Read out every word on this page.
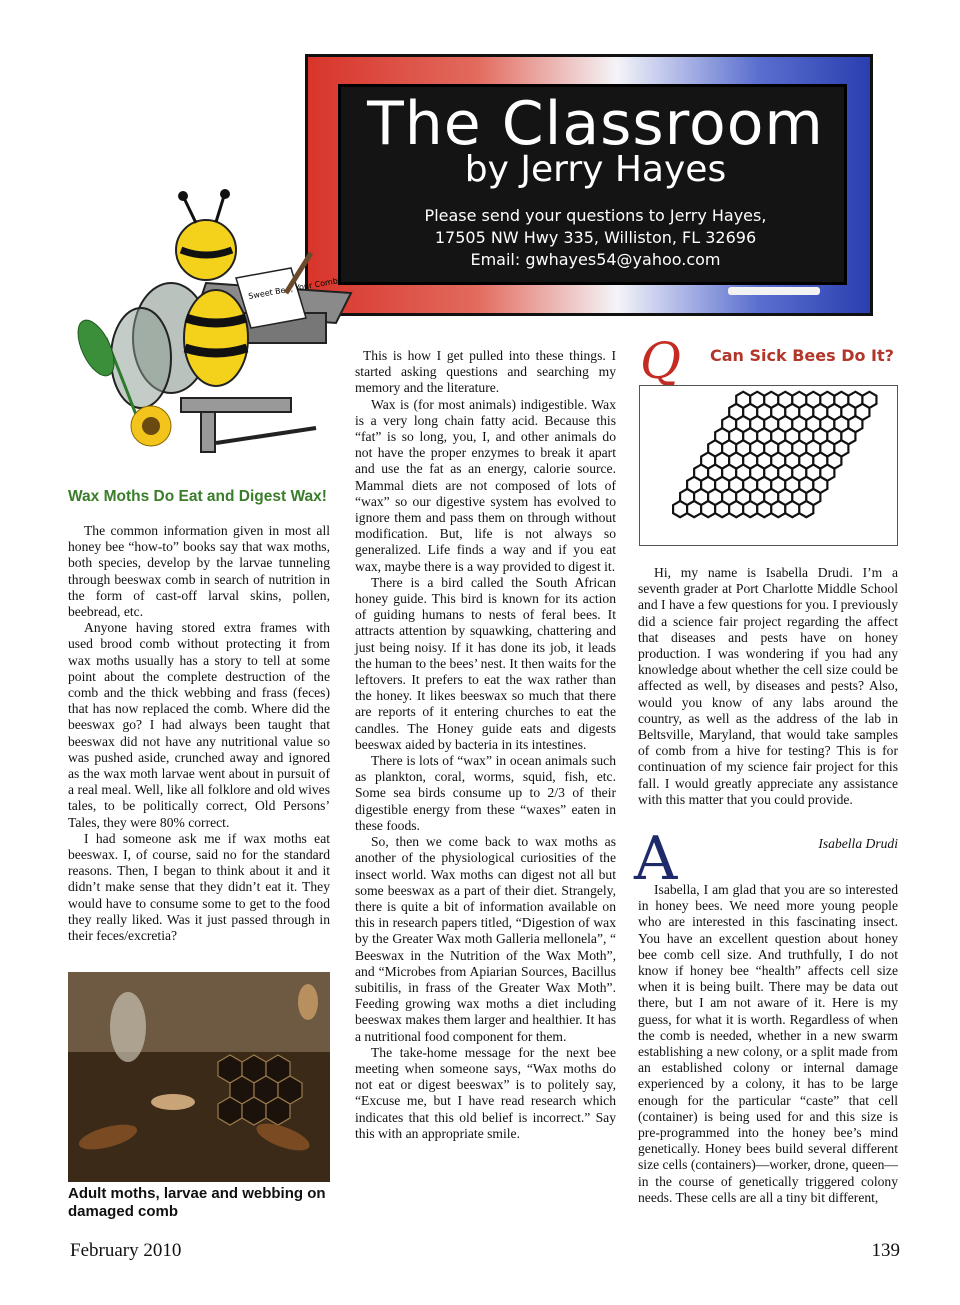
The Classroom
by Jerry Hayes
Please send your questions to Jerry Hayes,
17505 NW Hwy 335, Williston, FL 32696
Email: gwhayes54@yahoo.com
Sweet Bee, Your Comb?
Wax Moths Do Eat and Digest Wax!

The common information given in most all honey bee “how-to” books say that wax moths, both species, develop by the larvae tunneling through beeswax comb in search of nutrition in the form of cast-off larval skins, pollen, beebread, etc.

Anyone having stored extra frames with used brood comb without protecting it from wax moths usually has a story to tell at some point about the complete destruction of the comb and the thick webbing and frass (feces) that has now replaced the comb. Where did the beeswax go? I had always been taught that beeswax did not have any nutritional value so was pushed aside, crunched away and ignored as the wax moth larvae went about in pursuit of a real meal. Well, like all folklore and old wives tales, to be politically correct, Old Persons’ Tales, they were 80% correct.

I had someone ask me if wax moths eat beeswax. I, of course, said no for the standard reasons. Then, I began to think about it and it didn’t make sense that they didn’t eat it. They would have to consume some to get to the food they really liked. Was it just passed through in their feces/excretia?

Adult moths, larvae and webbing on damaged comb

This is how I get pulled into these things. I started asking questions and searching my memory and the literature.

Wax is (for most animals) indigestible. Wax is a very long chain fatty acid. Because this “fat” is so long, you, I, and other animals do not have the proper enzymes to break it apart and use the fat as an energy, calorie source. Mammal diets are not composed of lots of “wax” so our digestive system has evolved to ignore them and pass them on through without modification. But, life is not always so generalized. Life finds a way and if you eat wax, maybe there is a way provided to digest it.

There is a bird called the South African honey guide. This bird is known for its action of guiding humans to nests of feral bees. It attracts attention by squawking, chattering and just being noisy. If it has done its job, it leads the human to the bees’ nest. It then waits for the leftovers. It prefers to eat the wax rather than the honey. It likes beeswax so much that there are reports of it entering churches to eat the candles. The Honey guide eats and digests beeswax aided by bacteria in its intestines.

There is lots of “wax” in ocean animals such as plankton, coral, worms, squid, fish, etc. Some sea birds consume up to 2/3 of their digestible energy from these “waxes” eaten in these foods.

So, then we come back to wax moths as another of the physiological curiosities of the insect world. Wax moths can digest not all but some beeswax as a part of their diet. Strangely, there is quite a bit of information available on this in research papers titled, “Digestion of wax by the Greater Wax moth Galleria mellonela”, “ Beeswax in the Nutrition of the Wax Moth”, and “Microbes from Apiarian Sources, Bacillus subitilis, in frass of the Greater Wax Moth”. Feeding growing wax moths a diet including beeswax makes them larger and healthier. It has a nutritional food component for them.

The take-home message for the next bee meeting when someone says, “Wax moths do not eat or digest beeswax” is to politely say, “Excuse me, but I have read research which indicates that this old belief is incorrect.” Say this with an appropriate smile.

Q Can Sick Bees Do It?

Hi, my name is Isabella Drudi. I’m a seventh grader at Port Charlotte Middle School and I have a few questions for you. I previously did a science fair project regarding the affect that diseases and pests have on honey production. I was wondering if you had any knowledge about whether the cell size could be affected as well, by diseases and pests? Also, would you know of any labs around the country, as well as the address of the lab in Beltsville, Maryland, that would take samples of comb from a hive for testing? This is for continuation of my science fair project for this fall. I would greatly appreciate any assistance with this matter that you could provide.

Isabella Drudi
A

Isabella, I am glad that you are so interested in honey bees. We need more young people who are interested in this fascinating insect. You have an excellent question about honey bee comb cell size. And truthfully, I do not know if honey bee “health” affects cell size when it is being built. There may be data out there, but I am not aware of it. Here is my guess, for what it is worth. Regardless of when the comb is needed, whether in a new swarm establishing a new colony, or a split made from an established colony or internal damage experienced by a colony, it has to be large enough for the particular “caste” that cell (container) is being used for and this size is pre-programmed into the honey bee’s mind genetically. Honey bees build several different size cells (containers)—worker, drone, queen—in the course of genetically triggered colony needs. These cells are all a tiny bit different,

February 2010	139
